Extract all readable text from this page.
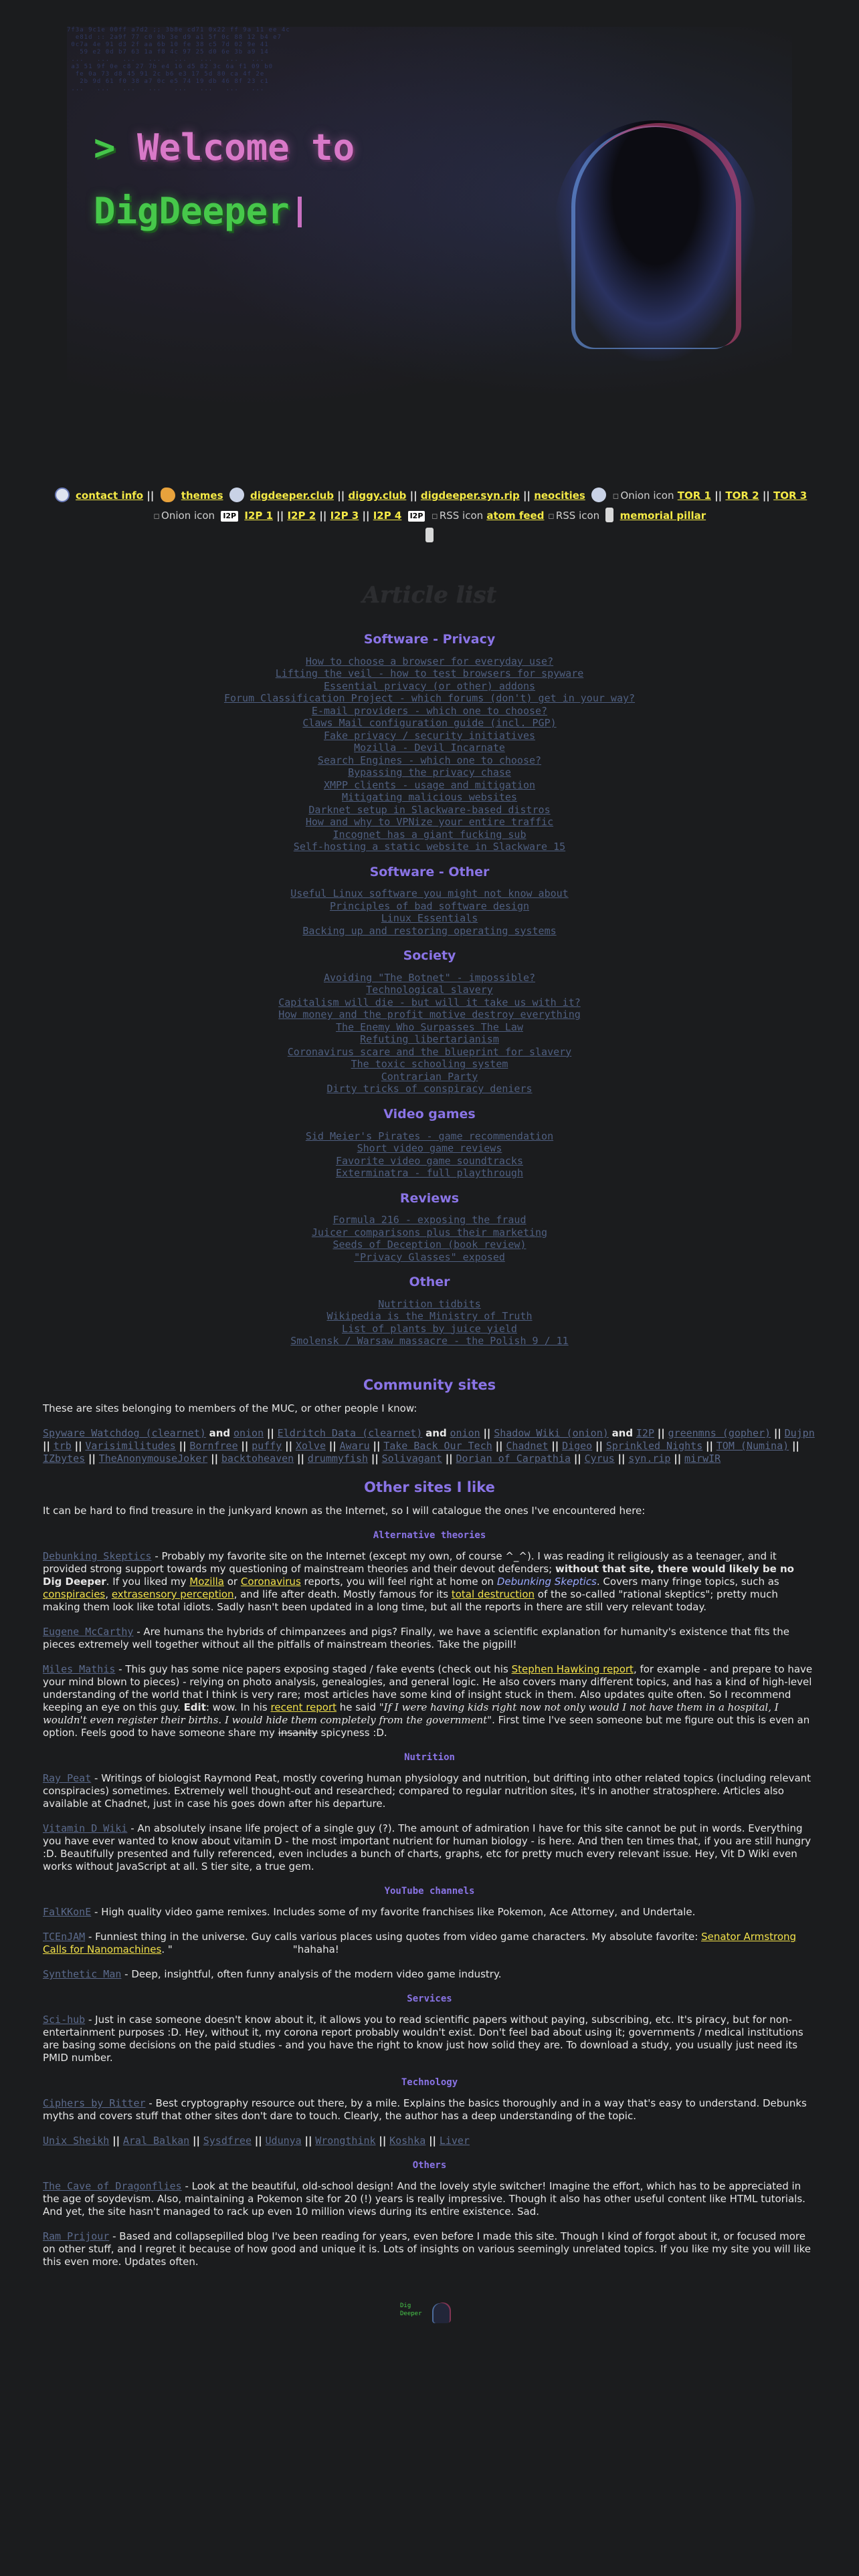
7f3a 9c1e 00ff a7d2 ;; 3b8e cd71 0x22 ff 9a 11 ee 4c
e81d :: 2a9f 77 c0 0b 3e d9 a1 5f 0c 88 12 b4 e7
0c7a 4e 91 d3 2f aa 6b 10 fe 38 c5 7d 02 9e 41
59 e2 0d b7 63 1a f8 4c 97 25 d0 6e 3b a9 14
...   ...   ...   ...   ...   ...   ...   ...
a3 51 9f 0e c8 27 7b e4 16 d5 82 3c 6a f1 09 b0
fe 0a 73 d8 45 91 2c b6 e3 17 5d 80 ca 4f 2e
2b 9d 61 f0 38 a7 0c e5 74 19 db 46 8f 23 c1
...   ...   ...   ...   ...   ...   ...   ...
> Welcome to
DigDeeper
contact info ||	themes	digdeeper.club || diggy.club || digdeeper.syn.rip || neocities	▫ Onion icon TOR 1 || TOR 2 || TOR 3 ▫ Onion icon I2P I2P 1 || I2P 2 || I2P 3 || I2P 4 I2P ▫ RSS icon atom feed ▫ RSS icon memorial pillar

Article list
Software - Privacy
How to choose a browser for everyday use?
Lifting the veil - how to test browsers for spyware
Essential privacy (or other) addons
Forum Classification Project - which forums (don't) get in your way?
E-mail providers - which one to choose?
Claws Mail configuration guide (incl. PGP)
Fake privacy / security initiatives
Mozilla - Devil Incarnate
Search Engines - which one to choose?
Bypassing the privacy chase
XMPP clients - usage and mitigation
Mitigating malicious websites
Darknet setup in Slackware-based distros
How and why to VPNize your entire traffic
Incognet has a giant fucking sub
Self-hosting a static website in Slackware 15
Software - Other
Useful Linux software you might not know about
Principles of bad software design
Linux Essentials
Backing up and restoring operating systems
Society
Avoiding "The Botnet" - impossible?
Technological slavery
Capitalism will die - but will it take us with it?
How money and the profit motive destroy everything
The Enemy Who Surpasses The Law
Refuting libertarianism
Coronavirus scare and the blueprint for slavery
The toxic schooling system
Contrarian Party
Dirty tricks of conspiracy deniers
Video games
Sid Meier's Pirates - game recommendation
Short video game reviews
Favorite video game soundtracks
Exterminatra - full playthrough
Reviews
Formula 216 - exposing the fraud
Juicer comparisons plus their marketing
Seeds of Deception (book review)
"Privacy Glasses" exposed
Other
Nutrition tidbits
Wikipedia is the Ministry of Truth
List of plants by juice yield
Smolensk / Warsaw massacre - the Polish 9 / 11
Community sites

These are sites belonging to members of the MUC, or other people I know:

Spyware Watchdog (clearnet) and onion || Eldritch Data (clearnet) and onion || Shadow Wiki (onion) and I2P || greenmns (gopher) || Dujpn || trb || Varisimilitudes || Bornfree || puffy || Xolve || Awaru || Take Back Our Tech || Chadnet || Digeo || Sprinkled Nights || TOM (Numina) || IZbytes || TheAnonymouseJoker || backtoheaven || drummyfish || Solivagant || Dorian of Carpathia || Cyrus || syn.rip || mirwIR

Other sites I like

It can be hard to find treasure in the junkyard known as the Internet, so I will catalogue the ones I've encountered here:

Alternative theories

Debunking Skeptics - Probably my favorite site on the Internet (except my own, of course ^_^). I was reading it religiously as a teenager, and it provided strong support towards my questioning of mainstream theories and their devout defenders; without that site, there would likely be no Dig Deeper. If you liked my Mozilla or Coronavirus reports, you will feel right at home on Debunking Skeptics. Covers many fringe topics, such as conspiracies, extrasensory perception, and life after death. Mostly famous for its total destruction of the so-called "rational skeptics"; pretty much making them look like total idiots. Sadly hasn't been updated in a long time, but all the reports in there are still very relevant today.

Eugene McCarthy - Are humans the hybrids of chimpanzees and pigs? Finally, we have a scientific explanation for humanity's existence that fits the pieces extremely well together without all the pitfalls of mainstream theories. Take the pigpill!

Miles Mathis - This guy has some nice papers exposing staged / fake events (check out his Stephen Hawking report, for example - and prepare to have your mind blown to pieces) - relying on photo analysis, genealogies, and general logic. He also covers many different topics, and has a kind of high-level understanding of the world that I think is very rare; most articles have some kind of insight stuck in them. Also updates quite often. So I recommend keeping an eye on this guy. Edit: wow. In his recent report he said "If I were having kids right now not only would I not have them in a hospital, I wouldn't even register their births. I would hide them completely from the government". First time I've seen someone but me figure out this is even an option. Feels good to have someone share my insanity spicyness :D.

Nutrition

Ray Peat - Writings of biologist Raymond Peat, mostly covering human physiology and nutrition, but drifting into other related topics (including relevant conspiracies) sometimes. Extremely well thought-out and researched; compared to regular nutrition sites, it's in another stratosphere. Articles also available at Chadnet, just in case his goes down after his departure.

Vitamin D Wiki - An absolutely insane life project of a single guy (?). The amount of admiration I have for this site cannot be put in words. Everything you have ever wanted to know about vitamin D - the most important nutrient for human biology - is here. And then ten times that, if you are still hungry :D. Beautifully presented and fully referenced, even includes a bunch of charts, graphs, etc for pretty much every relevant issue. Hey, Vit D Wiki even works without JavaScript at all. S tier site, a true gem.

YouTube channels

FalKKonE - High quality video game remixes. Includes some of my favorite franchises like Pokemon, Ace Attorney, and Undertale.

TCEnJAM - Funniest thing in the universe. Guy calls various places using quotes from video game characters. My absolute favorite: Senator Armstrong Calls for Nanomachines. "	"hahaha!

Synthetic Man - Deep, insightful, often funny analysis of the modern video game industry.

Services

Sci-hub - Just in case someone doesn't know about it, it allows you to read scientific papers without paying, subscribing, etc. It's piracy, but for non-entertainment purposes :D. Hey, without it, my corona report probably wouldn't exist. Don't feel bad about using it; governments / medical institutions are basing some decisions on the paid studies - and you have the right to know just how solid they are. To download a study, you usually just need its PMID number.

Technology

Ciphers by Ritter - Best cryptography resource out there, by a mile. Explains the basics thoroughly and in a way that's easy to understand. Debunks myths and covers stuff that other sites don't dare to touch. Clearly, the author has a deep understanding of the topic.

Unix Sheikh || Aral Balkan || Sysdfree || Udunya || Wrongthink || Koshka || Liver

Others

The Cave of Dragonflies - Look at the beautiful, old-school design! And the lovely style switcher! Imagine the effort, which has to be appreciated in the age of soydevism. Also, maintaining a Pokemon site for 20 (!) years is really impressive. Though it also has other useful content like HTML tutorials. And yet, the site hasn't managed to rack up even 10 million views during its entire existence. Sad.

Ram Prijour - Based and collapsepilled blog I've been reading for years, even before I made this site. Though I kind of forgot about it, or focused more on other stuff, and I regret it because of how good and unique it is. Lots of insights on various seemingly unrelated topics. If you like my site you will like this even more. Updates often.

Dig
Deeper
